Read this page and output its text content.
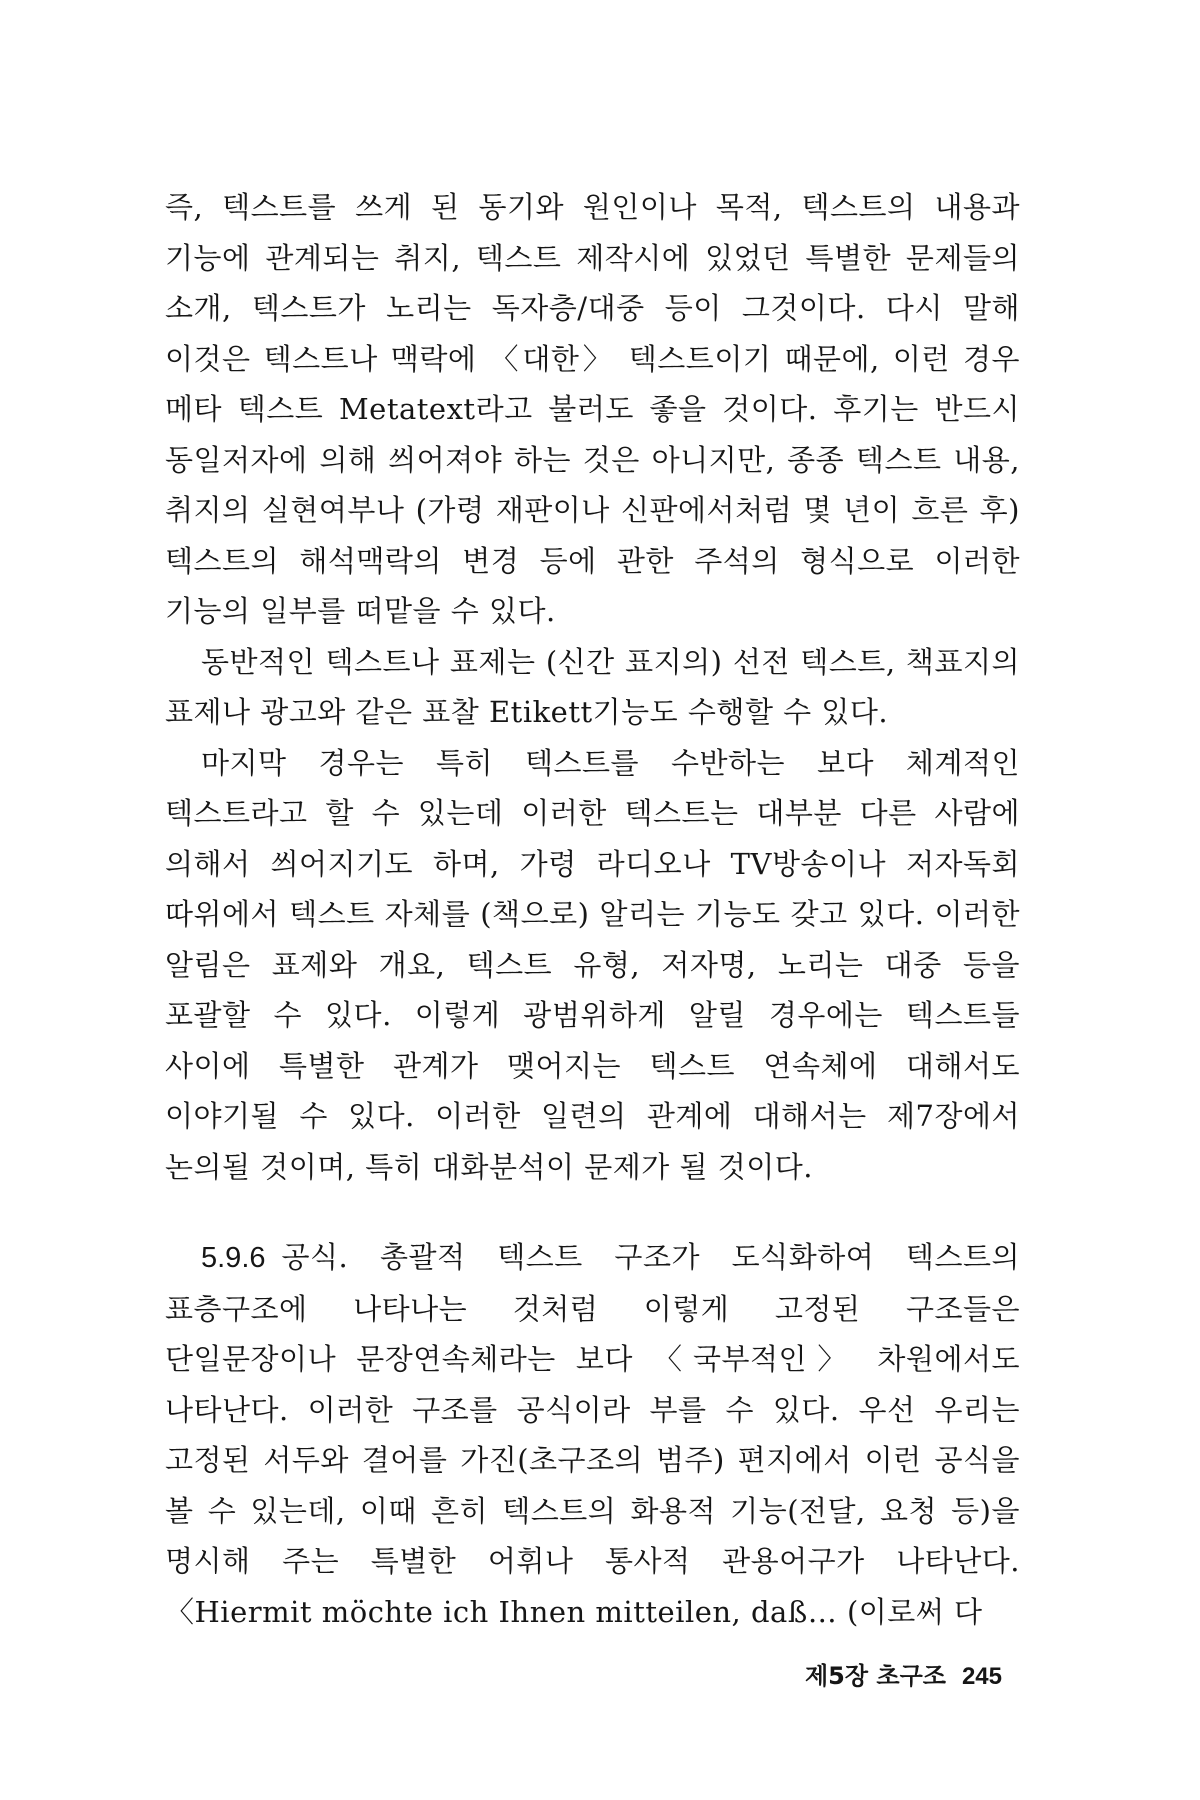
즉, 텍스트를 쓰게 된 동기와 원인이나 목적, 텍스트의 내용과 기능에 관계되는 취지, 텍스트 제작시에 있었던 특별한 문제들의 소개, 텍스트가 노리는 독자층/대중 등이 그것이다. 다시 말해 이것은 텍스트나 맥락에 〈대한〉 텍스트이기 때문에, 이런 경우 메타 텍스트 Metatext라고 불러도 좋을 것이다. 후기는 반드시 동일저자에 의해 씌어져야 하는 것은 아니지만, 종종 텍스트 내용, 취지의 실현여부나 (가령 재판이나 신판에서처럼 몇 년이 흐른 후) 텍스트의 해석맥락의 변경 등에 관한 주석의 형식으로 이러한 기능의 일부를 떠맡을 수 있다.

동반적인 텍스트나 표제는 (신간 표지의) 선전 텍스트, 책표지의 표제나 광고와 같은 표찰 Etikett기능도 수행할 수 있다.

마지막 경우는 특히 텍스트를 수반하는 보다 체계적인 텍스트라고 할 수 있는데 이러한 텍스트는 대부분 다른 사람에 의해서 씌어지기도 하며, 가령 라디오나 TV방송이나 저자독회 따위에서 텍스트 자체를 (책으로) 알리는 기능도 갖고 있다. 이러한 알림은 표제와 개요, 텍스트 유형, 저자명, 노리는 대중 등을 포괄할 수 있다. 이렇게 광범위하게 알릴 경우에는 텍스트들 사이에 특별한 관계가 맺어지는 텍스트 연속체에 대해서도 이야기될 수 있다. 이러한 일련의 관계에 대해서는 제7장에서 논의될 것이며, 특히 대화분석이 문제가 될 것이다.

5.9.6 공식. 총괄적 텍스트 구조가 도식화하여 텍스트의 표층구조에 나타나는 것처럼 이렇게 고정된 구조들은 단일문장이나 문장연속체라는 보다 〈국부적인〉 차원에서도 나타난다. 이러한 구조를 공식이라 부를 수 있다. 우선 우리는 고정된 서두와 결어를 가진(초구조의 범주) 편지에서 이런 공식을 볼 수 있는데, 이때 흔히 텍스트의 화용적 기능(전달, 요청 등)을 명시해 주는 특별한 어휘나 통사적 관용어구가 나타난다. 〈Hiermit möchte ich Ihnen mitteilen, daß… (이로써 다

제5장 초구조 245
